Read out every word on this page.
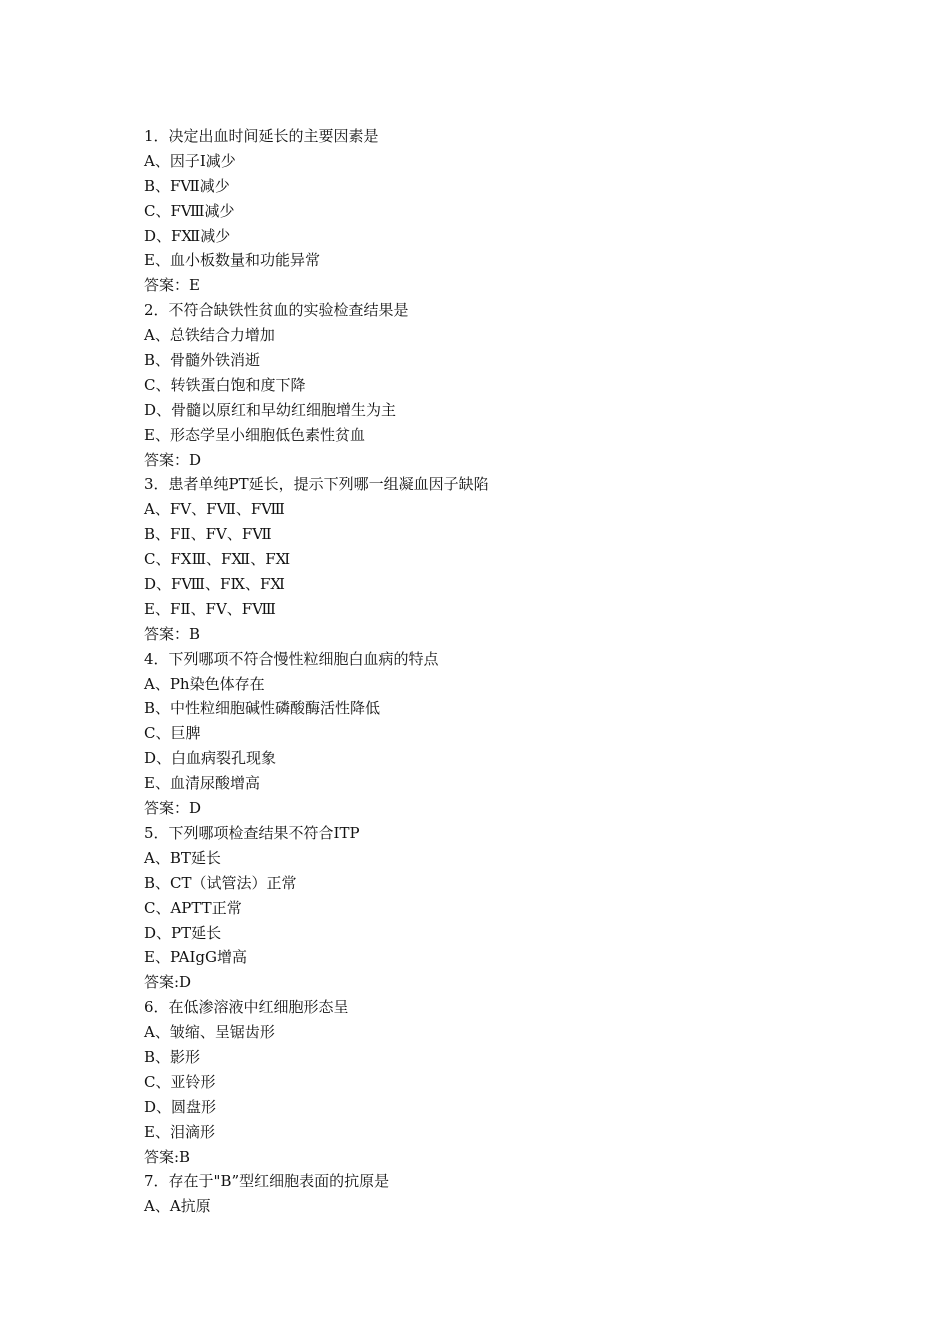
1．决定出血时间延长的主要因素是
A、因子Ⅰ减少
B、FⅦ减少
C、FⅧ减少
D、FⅫ减少
E、血小板数量和功能异常
答案：E
2．不符合缺铁性贫血的实验检查结果是
A、总铁结合力增加
B、骨髓外铁消逝
C、转铁蛋白饱和度下降
D、骨髓以原红和早幼红细胞增生为主
E、形态学呈小细胞低色素性贫血
答案：D
3．患者单纯PT延长，提示下列哪一组凝血因子缺陷
A、FⅤ、FⅦ、FⅧ
B、FⅡ、FⅤ、FⅦ
C、FⅩⅢ、FⅫ、FⅪ
D、FⅧ、FⅨ、FⅪ
E、FⅡ、FⅤ、FⅧ
答案：B
4．下列哪项不符合慢性粒细胞白血病的特点
A、Ph染色体存在
B、中性粒细胞碱性磷酸酶活性降低
C、巨脾
D、白血病裂孔现象
E、血清尿酸增高
答案：D
5．下列哪项检查结果不符合ITP
A、BT延长
B、CT（试管法）正常
C、APTT正常
D、PT延长
E、PAIgG增高
答案:D
6．在低渗溶液中红细胞形态呈
A、皱缩、呈锯齿形
B、影形
C、亚铃形
D、圆盘形
E、泪滴形
答案:B
7．存在于"B”型红细胞表面的抗原是
A、A抗原
